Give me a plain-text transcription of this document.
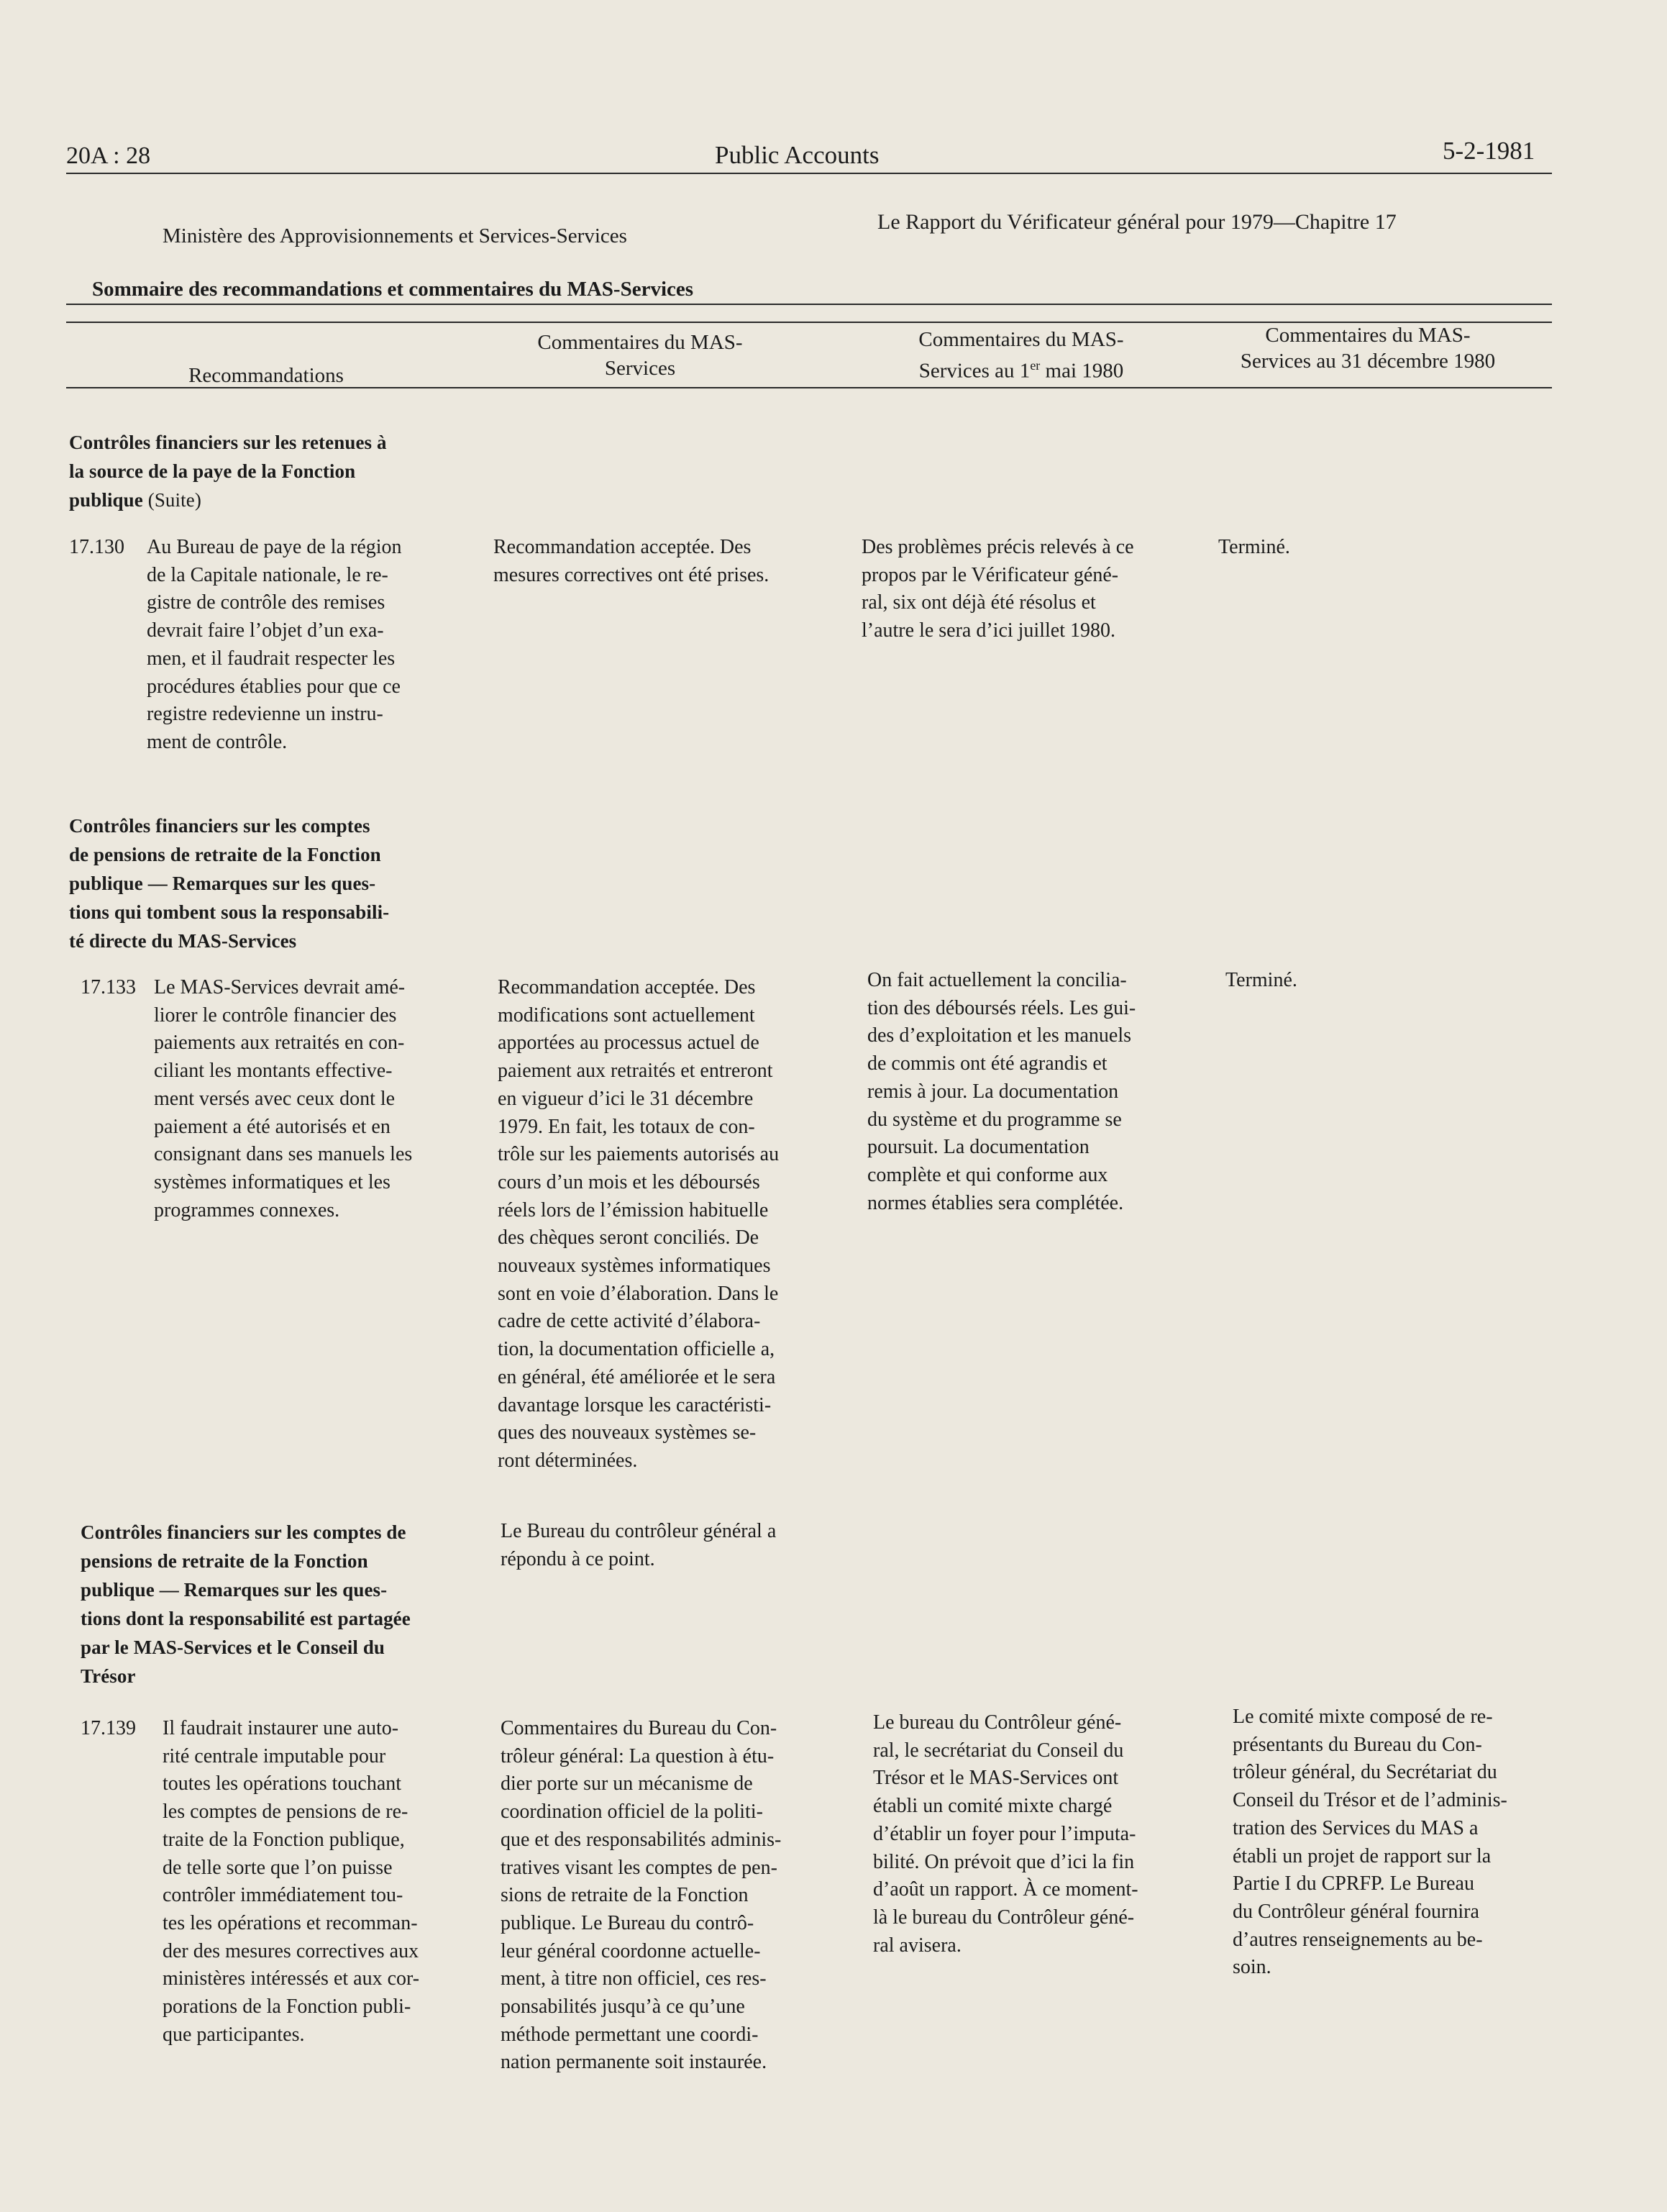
20A : 28	Public Accounts	5-2-1981
Ministère des Approvisionnements et Services-Services
Le Rapport du Vérificateur général pour 1979—Chapitre 17
Sommaire des recommandations et commentaires du MAS-Services
Recommandations
Commentaires du MAS-
Services
Commentaires du MAS-
Services au 1er mai 1980
Commentaires du MAS-
Services au 31 décembre 1980
Contrôles financiers sur les retenues à
la source de la paye de la Fonction
publique (Suite)
17.130 Au Bureau de paye de la région
de la Capitale nationale, le re-
gistre de contrôle des remises
devrait faire l’objet d’un exa-
men, et il faudrait respecter les
procédures établies pour que ce
registre redevienne un instru-
ment de contrôle.
Recommandation acceptée. Des
mesures correctives ont été prises.
Des problèmes précis relevés à ce
propos par le Vérificateur géné-
ral, six ont déjà été résolus et
l’autre le sera d’ici juillet 1980.
Terminé.
Contrôles financiers sur les comptes
de pensions de retraite de la Fonction
publique — Remarques sur les ques-
tions qui tombent sous la responsabili-
té directe du MAS-Services
17.133 Le MAS-Services devrait amé-
liorer le contrôle financier des
paiements aux retraités en con-
ciliant les montants effective-
ment versés avec ceux dont le
paiement a été autorisés et en
consignant dans ses manuels les
systèmes informatiques et les
programmes connexes.
Recommandation acceptée. Des
modifications sont actuellement
apportées au processus actuel de
paiement aux retraités et entreront
en vigueur d’ici le 31 décembre
1979. En fait, les totaux de con-
trôle sur les paiements autorisés au
cours d’un mois et les déboursés
réels lors de l’émission habituelle
des chèques seront conciliés. De
nouveaux systèmes informatiques
sont en voie d’élaboration. Dans le
cadre de cette activité d’élabora-
tion, la documentation officielle a,
en général, été améliorée et le sera
davantage lorsque les caractéristi-
ques des nouveaux systèmes se-
ront déterminées.
On fait actuellement la concilia-
tion des déboursés réels. Les gui-
des d’exploitation et les manuels
de commis ont été agrandis et
remis à jour. La documentation
du système et du programme se
poursuit. La documentation
complète et qui conforme aux
normes établies sera complétée.
Terminé.
Contrôles financiers sur les comptes de
pensions de retraite de la Fonction
publique — Remarques sur les ques-
tions dont la responsabilité est partagée
par le MAS-Services et le Conseil du
Trésor
Le Bureau du contrôleur général a
répondu à ce point.
17.139 Il faudrait instaurer une auto-
rité centrale imputable pour
toutes les opérations touchant
les comptes de pensions de re-
traite de la Fonction publique,
de telle sorte que l’on puisse
contrôler immédiatement tou-
tes les opérations et recomman-
der des mesures correctives aux
ministères intéressés et aux cor-
porations de la Fonction publi-
que participantes.
Commentaires du Bureau du Con-
trôleur général: La question à étu-
dier porte sur un mécanisme de
coordination officiel de la politi-
que et des responsabilités adminis-
tratives visant les comptes de pen-
sions de retraite de la Fonction
publique. Le Bureau du contrô-
leur général coordonne actuelle-
ment, à titre non officiel, ces res-
ponsabilités jusqu’à ce qu’une
méthode permettant une coordi-
nation permanente soit instaurée.
Le bureau du Contrôleur géné-
ral, le secrétariat du Conseil du
Trésor et le MAS-Services ont
établi un comité mixte chargé
d’établir un foyer pour l’imputa-
bilité. On prévoit que d’ici la fin
d’août un rapport. À ce moment-
là le bureau du Contrôleur géné-
ral avisera.
Le comité mixte composé de re-
présentants du Bureau du Con-
trôleur général, du Secrétariat du
Conseil du Trésor et de l’adminis-
tration des Services du MAS a
établi un projet de rapport sur la
Partie I du CPRFP. Le Bureau
du Contrôleur général fournira
d’autres renseignements au be-
soin.
